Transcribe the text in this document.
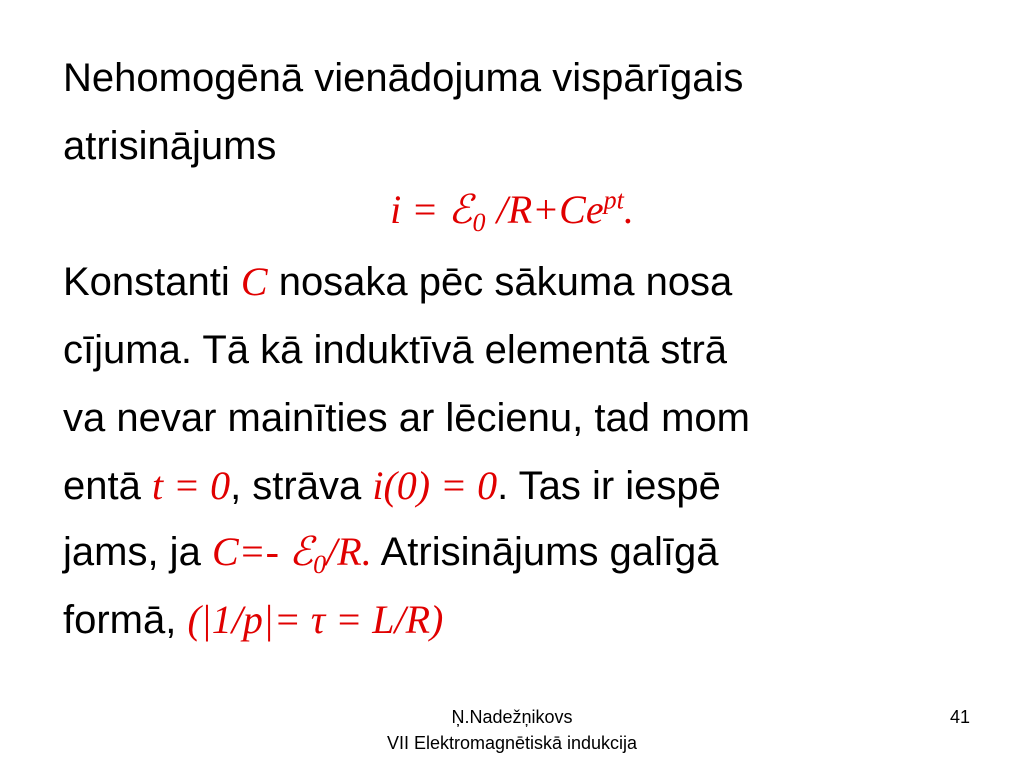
Nehomogēnā vienādojuma vispārīgais
atrisinājums
i = ℰ$_0$ $/R+Ce^{pt}$.
Konstanti C nosaka pēc sākuma nosa
cījuma. Tā kā induktīvā elementā strā
va nevar mainīties ar lēcienu, tad mom
entā t = 0, strāva i(0) = 0. Tas ir iespē
jams, ja C=- ℰ$_0$/R. Atrisinājums galīgā
formā, (|1/p|= τ = L/R)
Ņ.Nadežņikovs
VII Elektromagnētiskā indukcija
41
